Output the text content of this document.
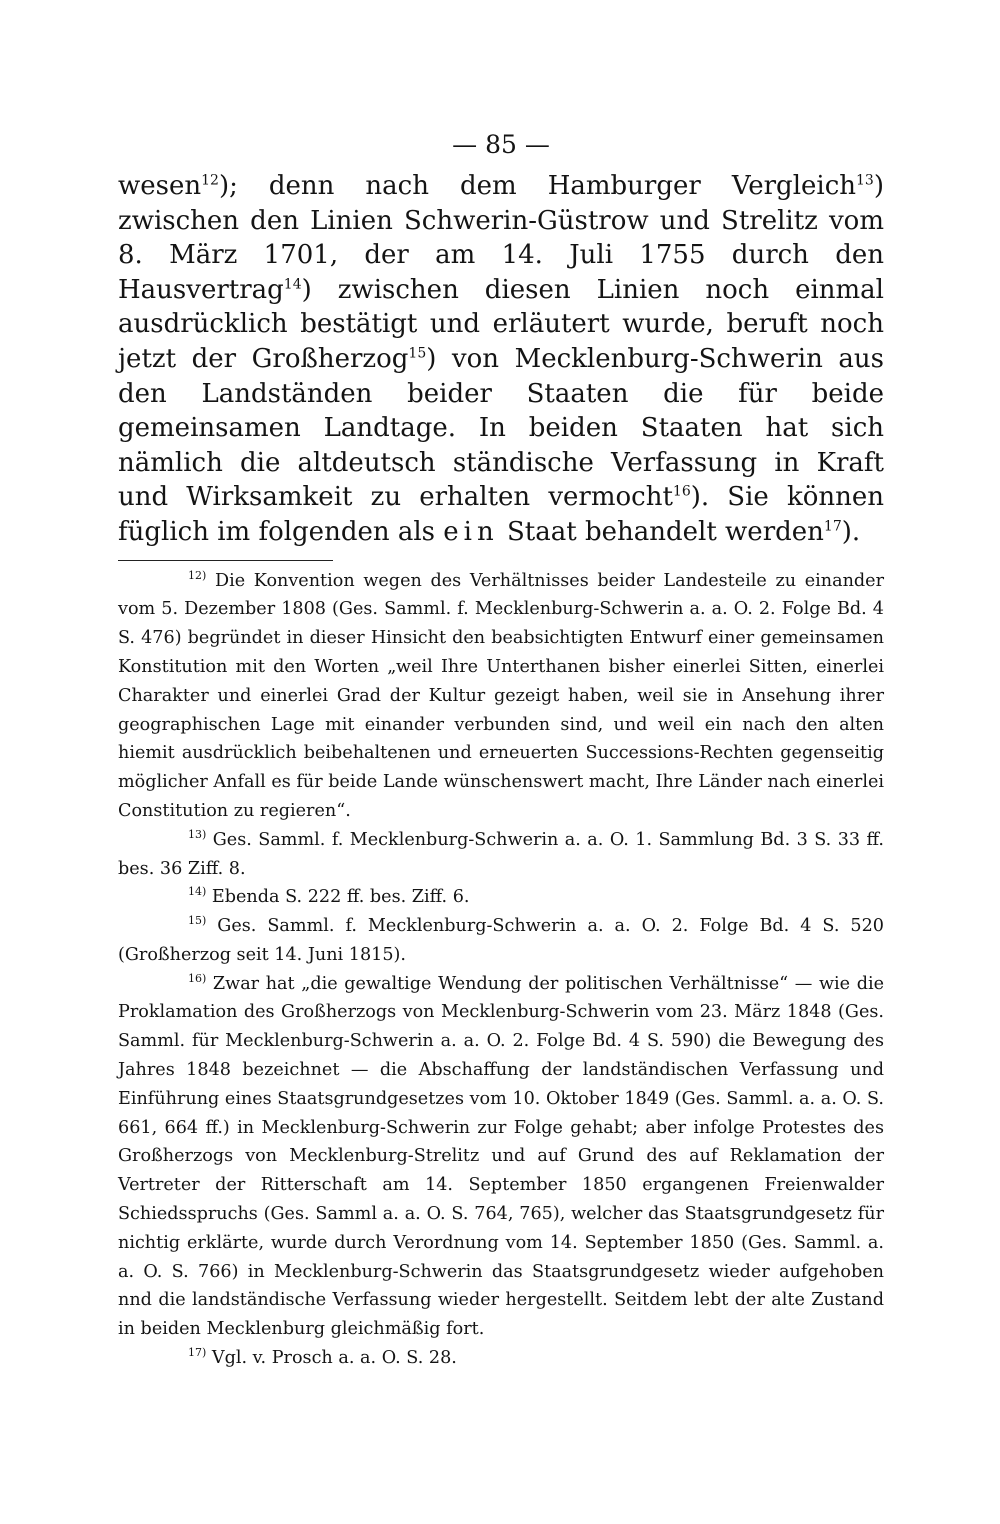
— 85 —

wesen$^{12}$); denn nach dem Hamburger Vergleich$^{13}$) zwischen den Linien Schwerin-Güstrow und Strelitz vom 8. März 1701, der am 14. Juli 1755 durch den Hausvertrag$^{14}$) zwischen diesen Linien noch einmal ausdrücklich bestätigt und erläutert wurde, beruft noch jetzt der Großherzog$^{15}$) von Mecklenburg-Schwerin aus den Landständen beider Staaten die für beide gemeinsamen Landtage. In beiden Staaten hat sich nämlich die altdeutsch ständische Verfassung in Kraft und Wirksamkeit zu erhalten vermocht$^{16}$). Sie können füglich im folgenden als ein Staat behandelt werden$^{17}$).

$^{12)}$ Die Konvention wegen des Verhältnisses beider Landesteile zu einander vom 5. Dezember 1808 (Ges. Samml. f. Mecklenburg-Schwerin a. a. O. 2. Folge Bd. 4 S. 476) begründet in dieser Hinsicht den beabsichtigten Entwurf einer gemeinsamen Konstitution mit den Worten „weil Ihre Unterthanen bisher einerlei Sitten, einerlei Charakter und einerlei Grad der Kultur gezeigt haben, weil sie in Ansehung ihrer geographischen Lage mit einander verbunden sind, und weil ein nach den alten hiemit ausdrücklich beibehaltenen und erneuerten Successions-Rechten gegenseitig möglicher Anfall es für beide Lande wünschenswert macht, Ihre Länder nach einerlei Constitution zu regieren“.

$^{13)}$ Ges. Samml. f. Mecklenburg-Schwerin a. a. O. 1. Sammlung Bd. 3 S. 33 ff. bes. 36 Ziff. 8.

$^{14)}$ Ebenda S. 222 ff. bes. Ziff. 6.

$^{15)}$ Ges. Samml. f. Mecklenburg-Schwerin a. a. O. 2. Folge Bd. 4 S. 520 (Großherzog seit 14. Juni 1815).

$^{16)}$ Zwar hat „die gewaltige Wendung der politischen Verhältnisse“ — wie die Proklamation des Großherzogs von Mecklenburg-Schwerin vom 23. März 1848 (Ges. Samml. für Mecklenburg-Schwerin a. a. O. 2. Folge Bd. 4 S. 590) die Bewegung des Jahres 1848 bezeichnet — die Abschaffung der landständischen Verfassung und Einführung eines Staatsgrundgesetzes vom 10. Oktober 1849 (Ges. Samml. a. a. O. S. 661, 664 ff.) in Mecklenburg-Schwerin zur Folge gehabt; aber infolge Protestes des Großherzogs von Mecklenburg-Strelitz und auf Grund des auf Reklamation der Vertreter der Ritterschaft am 14. September 1850 ergangenen Freienwalder Schiedsspruchs (Ges. Samml a. a. O. S. 764, 765), welcher das Staatsgrundgesetz für nichtig erklärte, wurde durch Verordnung vom 14. September 1850 (Ges. Samml. a. a. O. S. 766) in Mecklenburg-Schwerin das Staatsgrundgesetz wieder aufgehoben nnd die landständische Verfassung wieder hergestellt. Seitdem lebt der alte Zustand in beiden Mecklenburg gleichmäßig fort.

$^{17)}$ Vgl. v. Prosch a. a. O. S. 28.
